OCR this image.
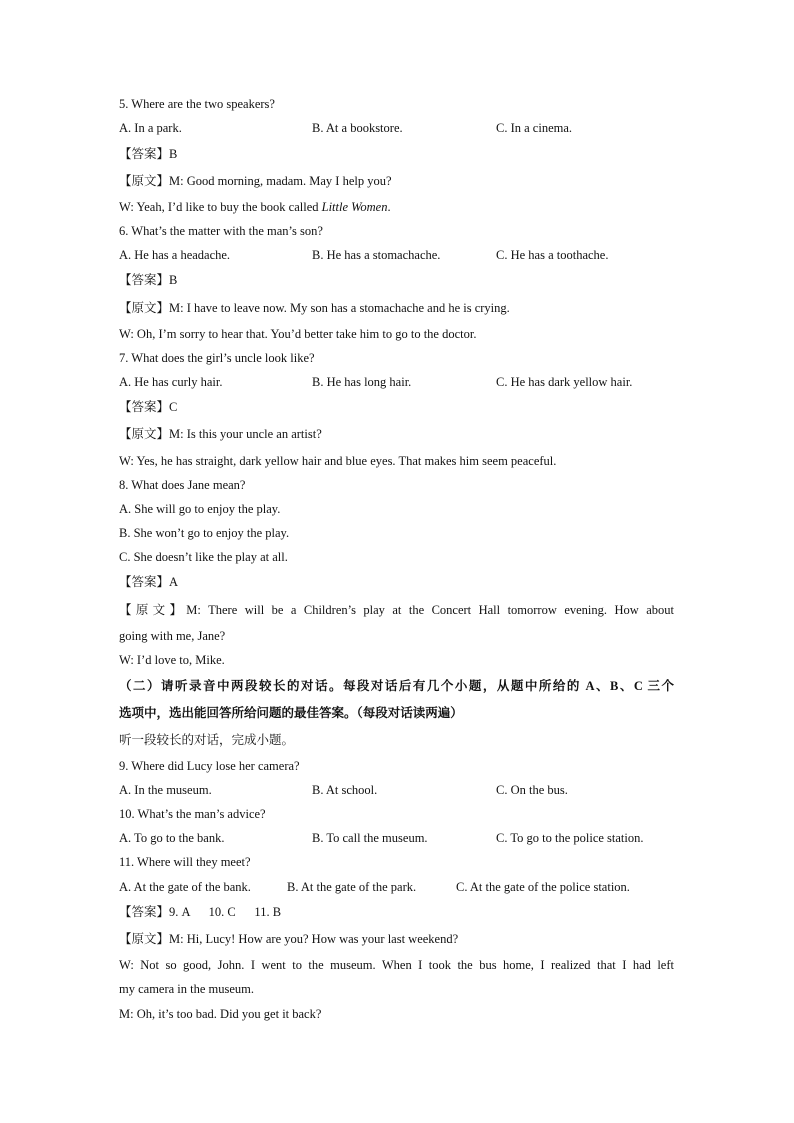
5. Where are the two speakers?
A. In a park.	B. At a bookstore.	C. In a cinema.
【答案】B
【原文】M: Good morning, madam. May I help you?
W: Yeah, I’d like to buy the book called Little Women.
6. What’s the matter with the man’s son?
A. He has a headache.	B. He has a stomachache.	C. He has a toothache.
【答案】B
【原文】M: I have to leave now. My son has a stomachache and he is crying.
W: Oh, I’m sorry to hear that. You’d better take him to go to the doctor.
7. What does the girl’s uncle look like?
A. He has curly hair.	B. He has long hair.	C. He has dark yellow hair.
【答案】C
【原文】M: Is this your uncle an artist?
W: Yes, he has straight, dark yellow hair and blue eyes. That makes him seem peaceful.
8. What does Jane mean?
A. She will go to enjoy the play.
B. She won’t go to enjoy the play.
C. She doesn’t like the play at all.
【答案】A
【原文】M: There will be a Children’s play at the Concert Hall tomorrow evening. How about
going with me, Jane?
W: I’d love to, Mike.
（二）请听录音中两段较长的对话。每段对话后有几个小题，从题中所给的 A、B、C 三个
选项中，选出能回答所给问题的最佳答案。（每段对话读两遍）
听一段较长的对话，完成小题。
9. Where did Lucy lose her camera?
A. In the museum.	B. At school.	C. On the bus.
10. What’s the man’s advice?
A. To go to the bank.	B. To call the museum.	C. To go to the police station.
11. Where will they meet?
A. At the gate of the bank.	B. At the gate of the park.	C. At the gate of the police station.
【答案】9. A      10. C      11. B
【原文】M: Hi, Lucy! How are you? How was your last weekend?
W: Not so good, John. I went to the museum. When I took the bus home, I realized that I had left
my camera in the museum.
M: Oh, it’s too bad. Did you get it back?
